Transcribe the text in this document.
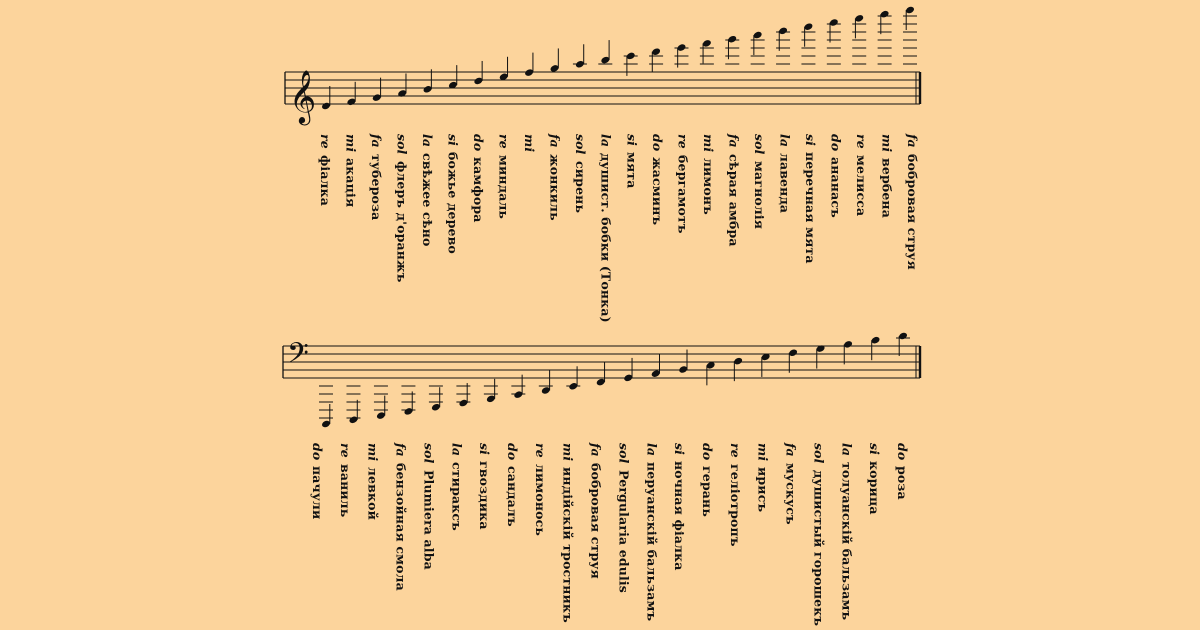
𝄞
𝄢
faбобровая струя
miвербена
reмелисса
doананасъ
siперечная мята
laлавенда
solмагнолія
faсѣрая амбра
miлимонъ
reбергамотъ
doжасминъ
siмята
laдушист. бобки (Тонка)
solсирень
faжонкиль
mi
reминдаль
doкамфора
siбожье дерево
laсвѣжее сѣно
solфлеръ д'оранжъ
faтубероза
miакація
reфіалка
doроза
siкорица
laтолуанскій бальзамъ
solдушистый горошекъ
faмускусъ
miирисъ
reгеліотропъ
doгерань
siночная фіалка
laперуанскій бальзамъ
solPergularia edulis
faбобровая струя
miиндійскій тростникъ
reлимонось
doсандалъ
siгвоздика
laстираксъ
solPlumiera alba
faбензойная смола
miлевкой
reваниль
doпачули
